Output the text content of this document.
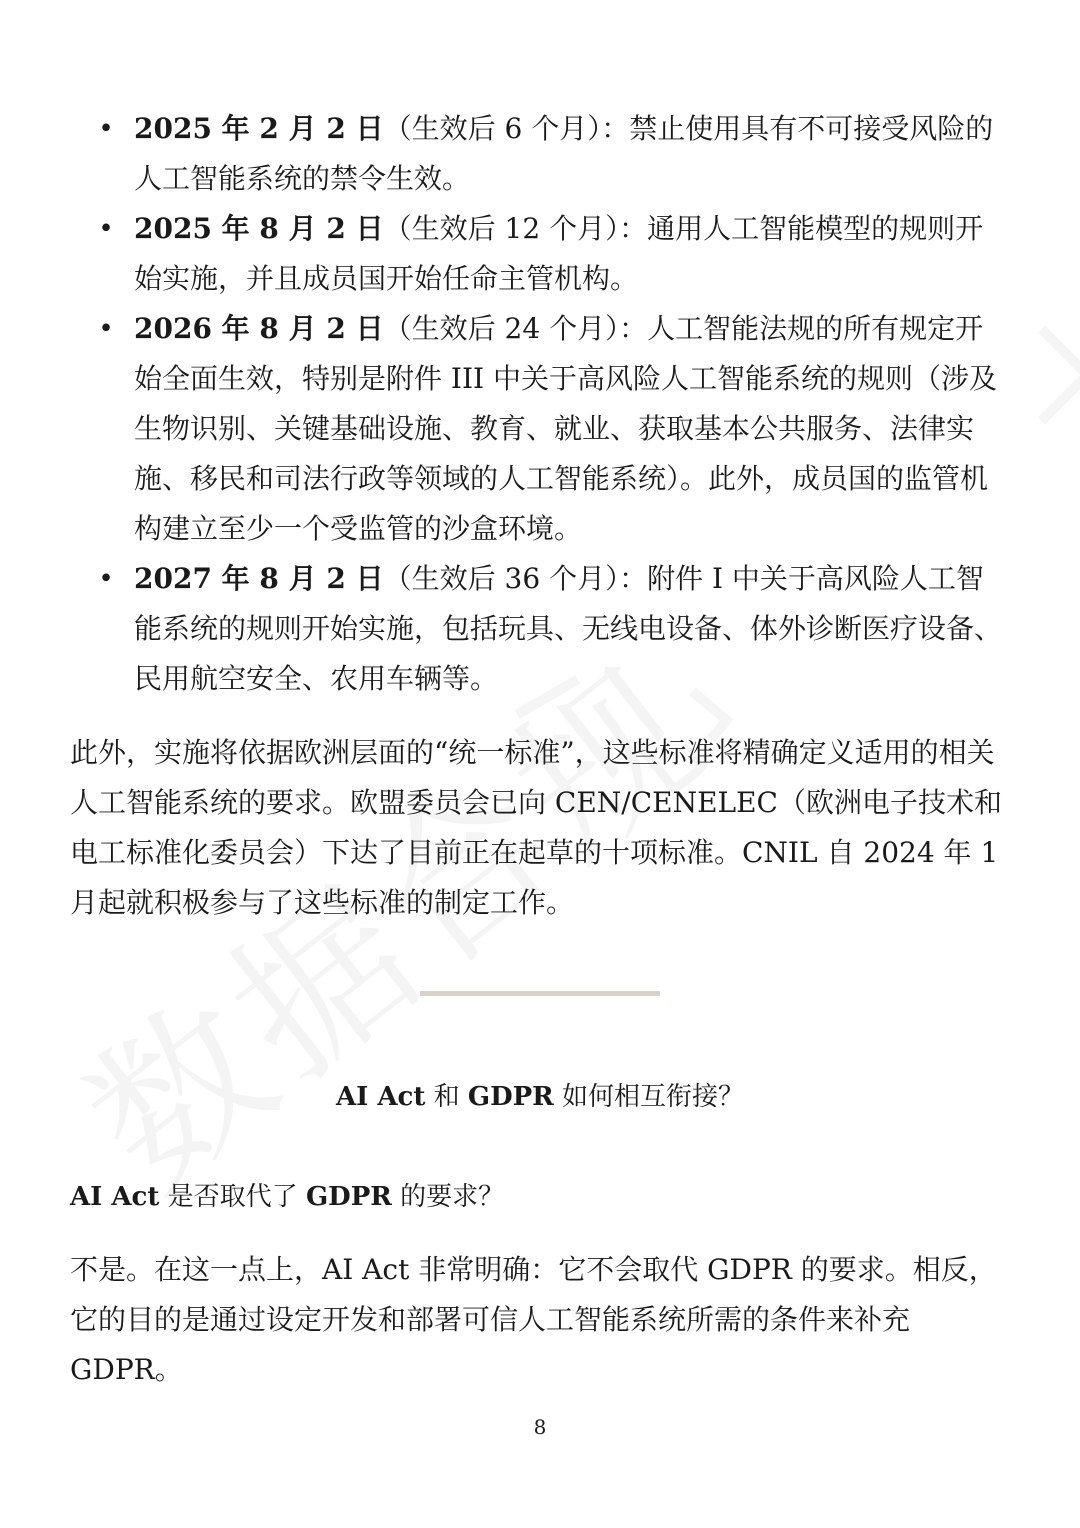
• 2025 年 2 月 2 日（生效后 6 个月）：禁止使用具有不可接受风险的人工智能系统的禁令生效。
• 2025 年 8 月 2 日（生效后 12 个月）：通用人工智能模型的规则开始实施，并且成员国开始任命主管机构。
• 2026 年 8 月 2 日（生效后 24 个月）：人工智能法规的所有规定开始全面生效，特别是附件 III 中关于高风险人工智能系统的规则（涉及生物识别、关键基础设施、教育、就业、获取基本公共服务、法律实施、移民和司法行政等领域的人工智能系统）。此外，成员国的监管机构建立至少一个受监管的沙盒环境。
• 2027 年 8 月 2 日（生效后 36 个月）：附件 I 中关于高风险人工智能系统的规则开始实施，包括玩具、无线电设备、体外诊断医疗设备、民用航空安全、农用车辆等。

此外，实施将依据欧洲层面的“统一标准”，这些标准将精确定义适用的相关人工智能系统的要求。欧盟委员会已向 CEN/CENELEC（欧洲电子技术和电工标准化委员会）下达了目前正在起草的十项标准。CNIL 自 2024 年 1 月起就积极参与了这些标准的制定工作。

AI Act 和 GDPR 如何相互衔接？
AI Act 是否取代了 GDPR 的要求？

不是。在这一点上，AI Act 非常明确：它不会取代 GDPR 的要求。相反，它的目的是通过设定开发和部署可信人工智能系统所需的条件来补充 GDPR。

8
